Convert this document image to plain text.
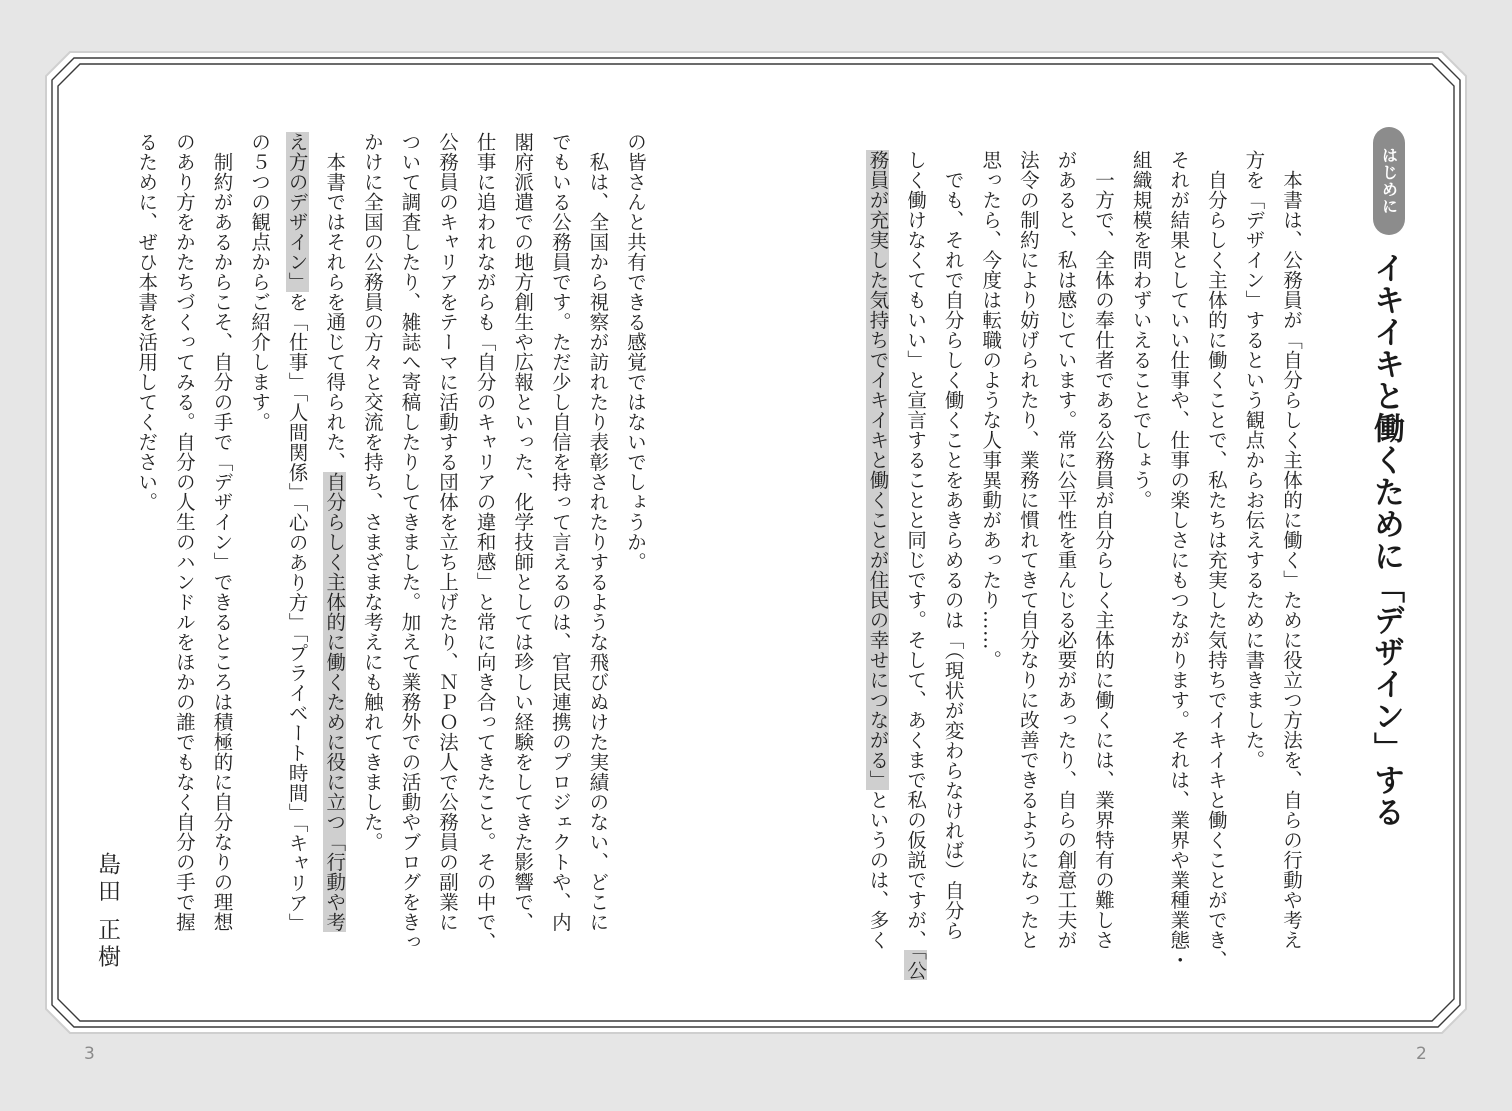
3	2
はじめに
イキイキと働くために「デザイン」する

　本書は、公務員が「自分らしく主体的に働く」ために役立つ方法を、自らの行動や考え

方を「デザイン」するという観点からお伝えするために書きました。

　自分らしく主体的に働くことで、私たちは充実した気持ちでイキイキと働くことができ、

それが結果としていい仕事や、仕事の楽しさにもつながります。それは、業界や業種業態・

組織規模を問わずいえることでしょう。

　一方で、全体の奉仕者である公務員が自分らしく主体的に働くには、業界特有の難しさ

があると、私は感じています。常に公平性を重んじる必要があったり、自らの創意工夫が

法令の制約により妨げられたり、業務に慣れてきて自分なりに改善できるようになったと

思ったら、今度は転職のような人事異動があったり……。

　でも、それで自分らしく働くことをあきらめるのは「（現状が変わらなければ）自分ら

しく働けなくてもいい」と宣言することと同じです。そして、あくまで私の仮説ですが、「公

務員が充実した気持ちでイキイキと働くことが住民の幸せにつながる」というのは、多く

の皆さんと共有できる感覚ではないでしょうか。

　私は、全国から視察が訪れたり表彰されたりするような飛びぬけた実績のない、どこに

でもいる公務員です。ただ少し自信を持って言えるのは、官民連携のプロジェクトや、内

閣府派遣での地方創生や広報といった、化学技師としては珍しい経験をしてきた影響で、

仕事に追われながらも「自分のキャリアの違和感」と常に向き合ってきたこと。その中で、

公務員のキャリアをテーマに活動する団体を立ち上げたり、ＮＰＯ法人で公務員の副業に

ついて調査したり、雑誌へ寄稿したりしてきました。加えて業務外での活動やブログをきっ

かけに全国の公務員の方々と交流を持ち、さまざまな考えにも触れてきました。

　本書ではそれらを通じて得られた、自分らしく主体的に働くために役に立つ「行動や考

え方のデザイン」を「仕事」「人間関係」「心のあり方」「プライベート時間」「キャリア」

の５つの観点からご紹介します。

　制約があるからこそ、自分の手で「デザイン」できるところは積極的に自分なりの理想

のあり方をかたちづくってみる。自分の人生のハンドルをほかの誰でもなく自分の手で握

るために、ぜひ本書を活用してください。

島田 正樹
